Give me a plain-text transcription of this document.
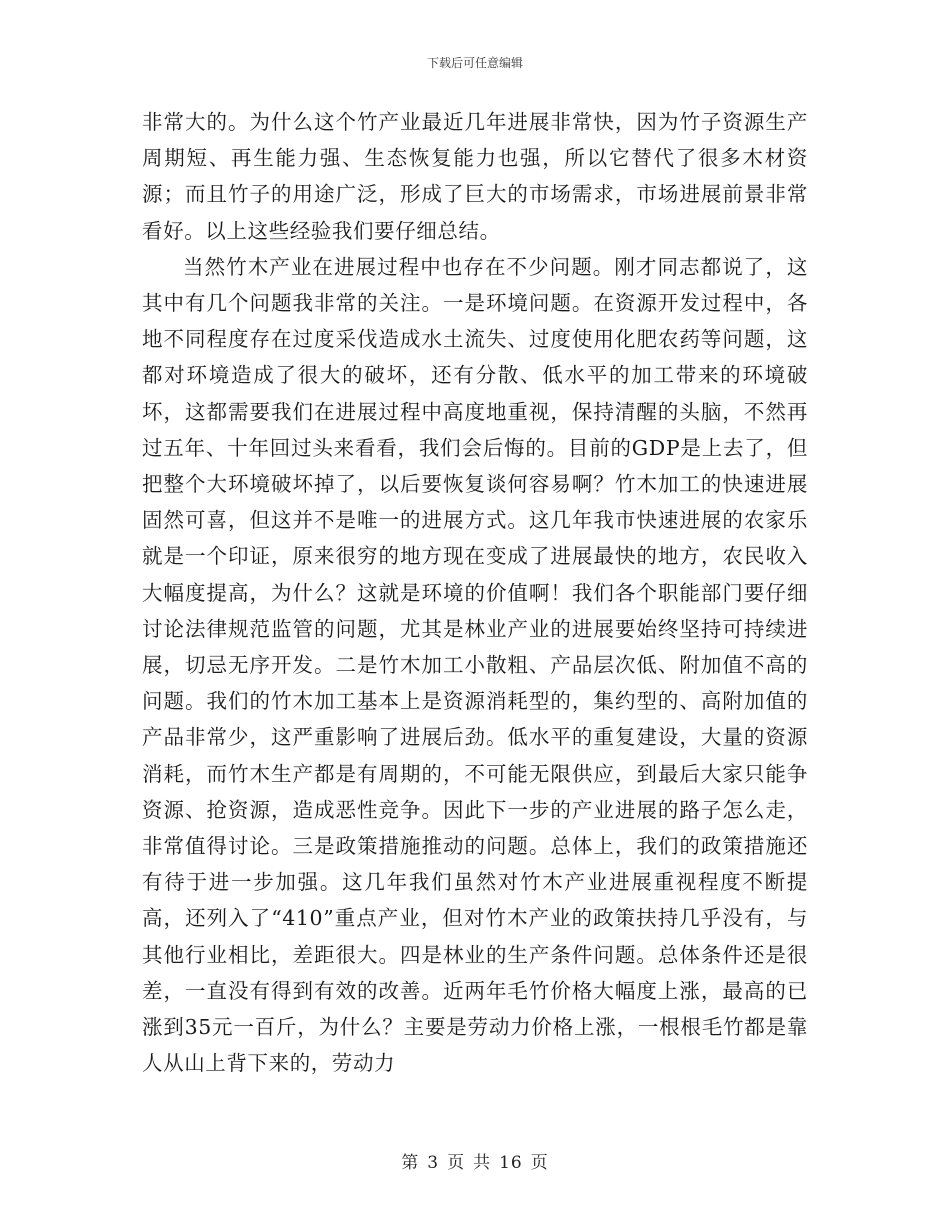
下载后可任意编辑

非常大的。为什么这个竹产业最近几年进展非常快，因为竹子资源生产周期短、再生能力强、生态恢复能力也强，所以它替代了很多木材资源；而且竹子的用途广泛，形成了巨大的市场需求，市场进展前景非常看好。以上这些经验我们要仔细总结。

当然竹木产业在进展过程中也存在不少问题。刚才同志都说了，这其中有几个问题我非常的关注。一是环境问题。在资源开发过程中，各地不同程度存在过度采伐造成水土流失、过度使用化肥农药等问题，这都对环境造成了很大的破坏，还有分散、低水平的加工带来的环境破坏，这都需要我们在进展过程中高度地重视，保持清醒的头脑，不然再过五年、十年回过头来看看，我们会后悔的。目前的GDP是上去了，但把整个大环境破坏掉了，以后要恢复谈何容易啊？竹木加工的快速进展固然可喜，但这并不是唯一的进展方式。这几年我市快速进展的农家乐就是一个印证，原来很穷的地方现在变成了进展最快的地方，农民收入大幅度提高，为什么？这就是环境的价值啊！我们各个职能部门要仔细讨论法律规范监管的问题，尤其是林业产业的进展要始终坚持可持续进展，切忌无序开发。二是竹木加工小散粗、产品层次低、附加值不高的问题。我们的竹木加工基本上是资源消耗型的，集约型的、高附加值的产品非常少，这严重影响了进展后劲。低水平的重复建设，大量的资源消耗，而竹木生产都是有周期的，不可能无限供应，到最后大家只能争资源、抢资源，造成恶性竞争。因此下一步的产业进展的路子怎么走，非常值得讨论。三是政策措施推动的问题。总体上，我们的政策措施还有待于进一步加强。这几年我们虽然对竹木产业进展重视程度不断提高，还列入了“410”重点产业，但对竹木产业的政策扶持几乎没有，与其他行业相比，差距很大。四是林业的生产条件问题。总体条件还是很差，一直没有得到有效的改善。近两年毛竹价格大幅度上涨，最高的已涨到35元一百斤，为什么？主要是劳动力价格上涨，一根根毛竹都是靠人从山上背下来的，劳动力

第 3 页 共 16 页
